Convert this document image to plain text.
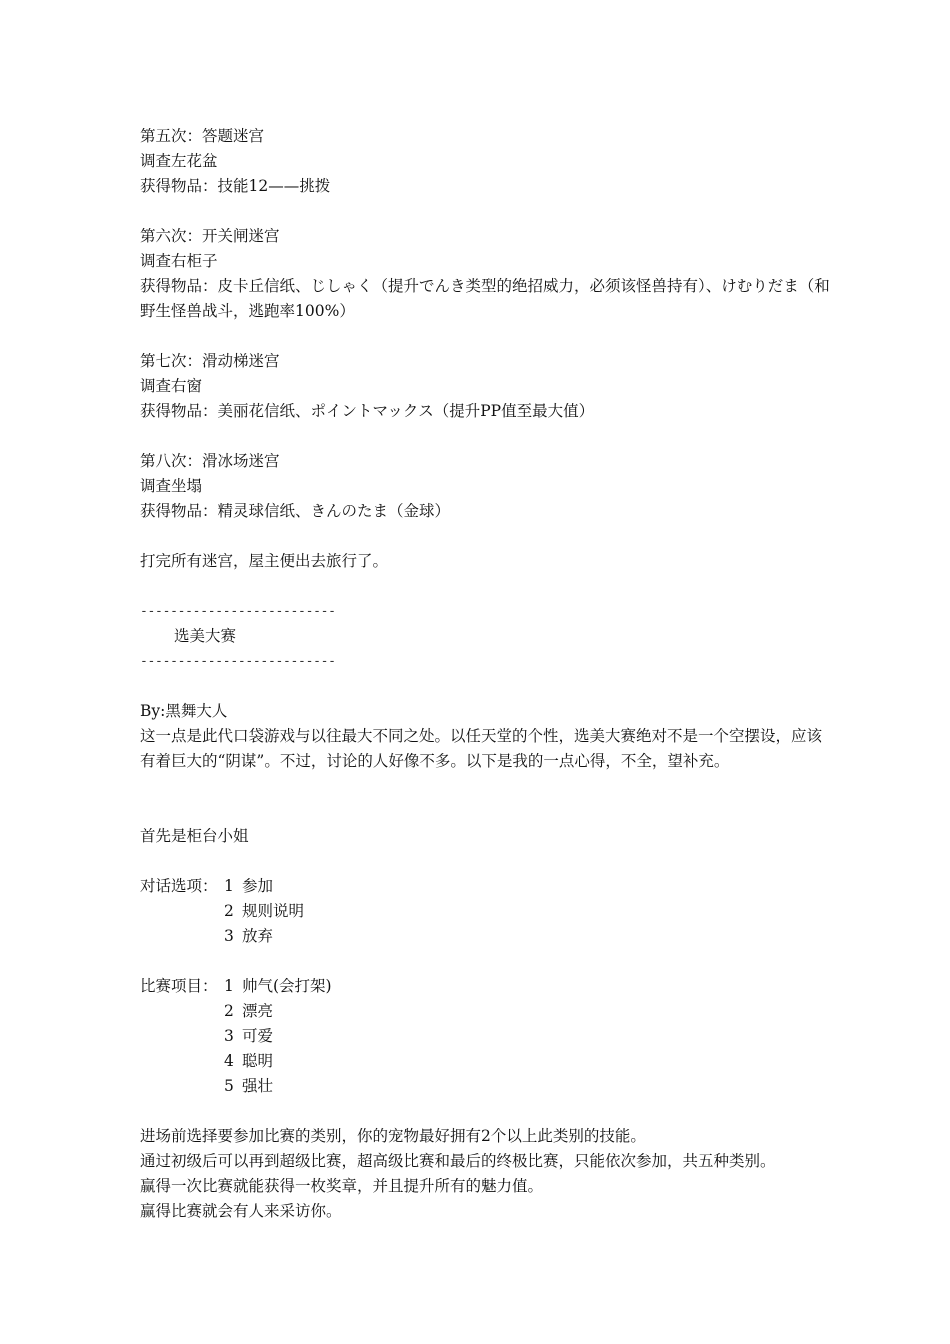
第五次：答题迷宫
调查左花盆
获得物品：技能12——挑拨
第六次：开关闸迷宫
调查右柜子
获得物品：皮卡丘信纸、じしゃく（提升でんき类型的绝招威力，必须该怪兽持有）、けむりだま（和野生怪兽战斗，逃跑率100%）
第七次：滑动梯迷宫
调查右窗
获得物品：美丽花信纸、ポイントマックス（提升PP值至最大值）
第八次：滑冰场迷宫
调查坐塌
获得物品：精灵球信纸、きんのたま（金球）
打完所有迷宫，屋主便出去旅行了。
--------------------------
选美大赛
--------------------------
By:黑舞大人
这一点是此代口袋游戏与以往最大不同之处。以任天堂的个性，选美大赛绝对不是一个空摆设，应该有着巨大的“阴谋”。不过，讨论的人好像不多。以下是我的一点心得，不全，望补充。
首先是柜台小姐
对话选项： 1 参加
2 规则说明
3 放弃
比赛项目： 1 帅气(会打架)
2 漂亮
3 可爱
4 聪明
5 强壮
进场前选择要参加比赛的类别，你的宠物最好拥有2个以上此类别的技能。
通过初级后可以再到超级比赛，超高级比赛和最后的终极比赛，只能依次参加，共五种类别。
赢得一次比赛就能获得一枚奖章，并且提升所有的魅力值。
赢得比赛就会有人来采访你。
